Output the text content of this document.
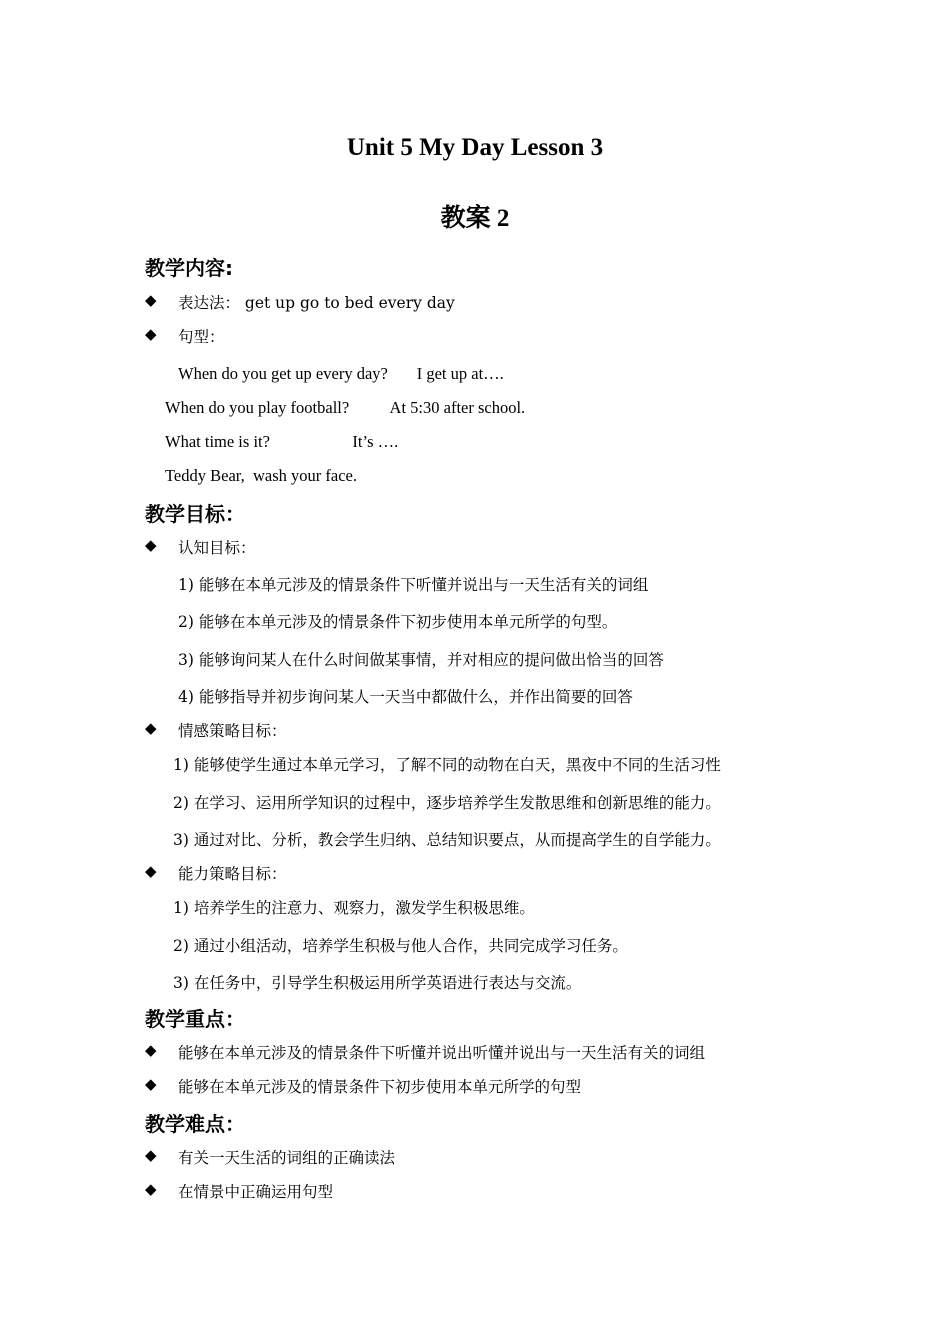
Unit 5 My Day Lesson 3
教案 2
教学内容:
◆ 表达法： get up go to bed every day
◆ 句型：
When do you get up every day?       I get up at….
When do you play football?          At 5:30 after school.
What time is it?                    It’s ….
Teddy Bear,  wash your face.
教学目标：
◆ 认知目标：
1) 能够在本单元涉及的情景条件下听懂并说出与一天生活有关的词组
2) 能够在本单元涉及的情景条件下初步使用本单元所学的句型。
3) 能够询问某人在什么时间做某事情，并对相应的提问做出恰当的回答
4) 能够指导并初步询问某人一天当中都做什么，并作出简要的回答
◆ 情感策略目标：
1) 能够使学生通过本单元学习，了解不同的动物在白天，黑夜中不同的生活习性
2) 在学习、运用所学知识的过程中，逐步培养学生发散思维和创新思维的能力。
3) 通过对比、分析，教会学生归纳、总结知识要点，从而提高学生的自学能力。
◆ 能力策略目标：
1) 培养学生的注意力、观察力，激发学生积极思维。
2) 通过小组活动，培养学生积极与他人合作，共同完成学习任务。
3) 在任务中，引导学生积极运用所学英语进行表达与交流。
教学重点：
◆ 能够在本单元涉及的情景条件下听懂并说出听懂并说出与一天生活有关的词组
◆ 能够在本单元涉及的情景条件下初步使用本单元所学的句型
教学难点：
◆ 有关一天生活的词组的正确读法
◆ 在情景中正确运用句型
